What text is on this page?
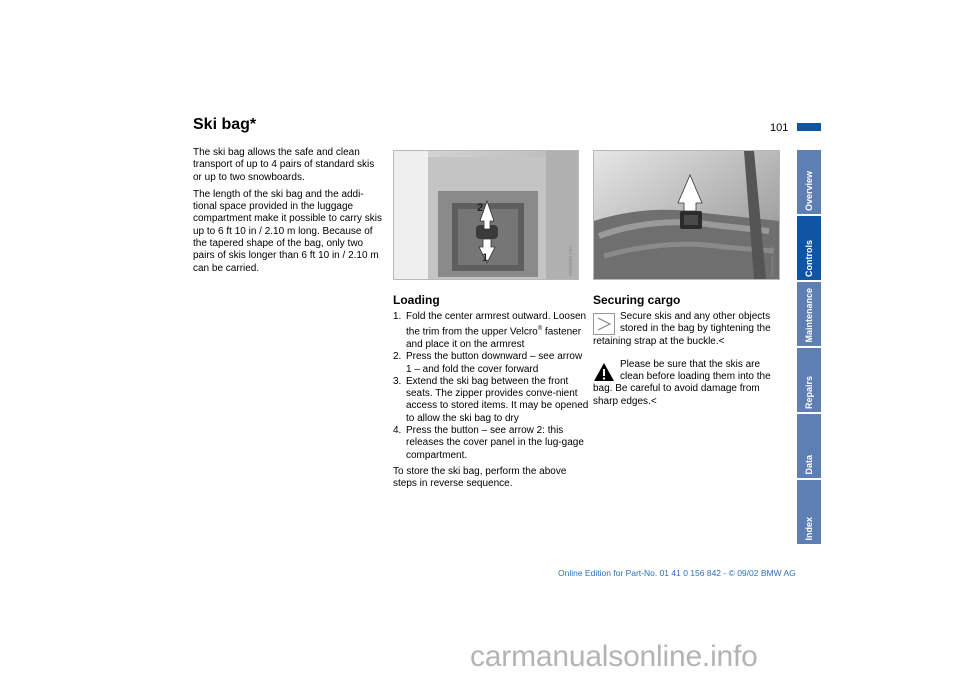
Ski bag*	101

The ski bag allows the safe and clean transport of up to 4 pairs of standard skis or up to two snowboards.

The length of the ski bag and the addi-tional space provided in the luggage compartment make it possible to carry skis up to 6 ft 10 in / 2.10 m long. Because of the tapered shape of the bag, only two pairs of skis longer than 6 ft 10 in / 2.10 m can be carried.

2
1	MV05W817MA	MV05W817MA
Loading
1. Fold the center armrest outward. Loosen the trim from the upper Velcro® fastener and place it on the armrest
2. Press the button downward – see arrow 1 – and fold the cover forward
3. Extend the ski bag between the front seats. The zipper provides conve-nient access to stored items. It may be opened to allow the ski bag to dry
4. Press the button – see arrow 2: this releases the cover panel in the lug-gage compartment.

To store the ski bag, perform the above steps in reverse sequence.

Securing cargo
Secure skis and any other objects
stored in the bag by tightening the
retaining strap at the buckle.<
Please be sure that the skis are
clean before loading them into the
bag. Be careful to avoid damage from sharp edges.<
Overview
Controls
Maintenance
Repairs
Data
Index
Online Edition for Part-No. 01 41 0 156 842 - © 09/02 BMW AG
carmanualsonline.info
